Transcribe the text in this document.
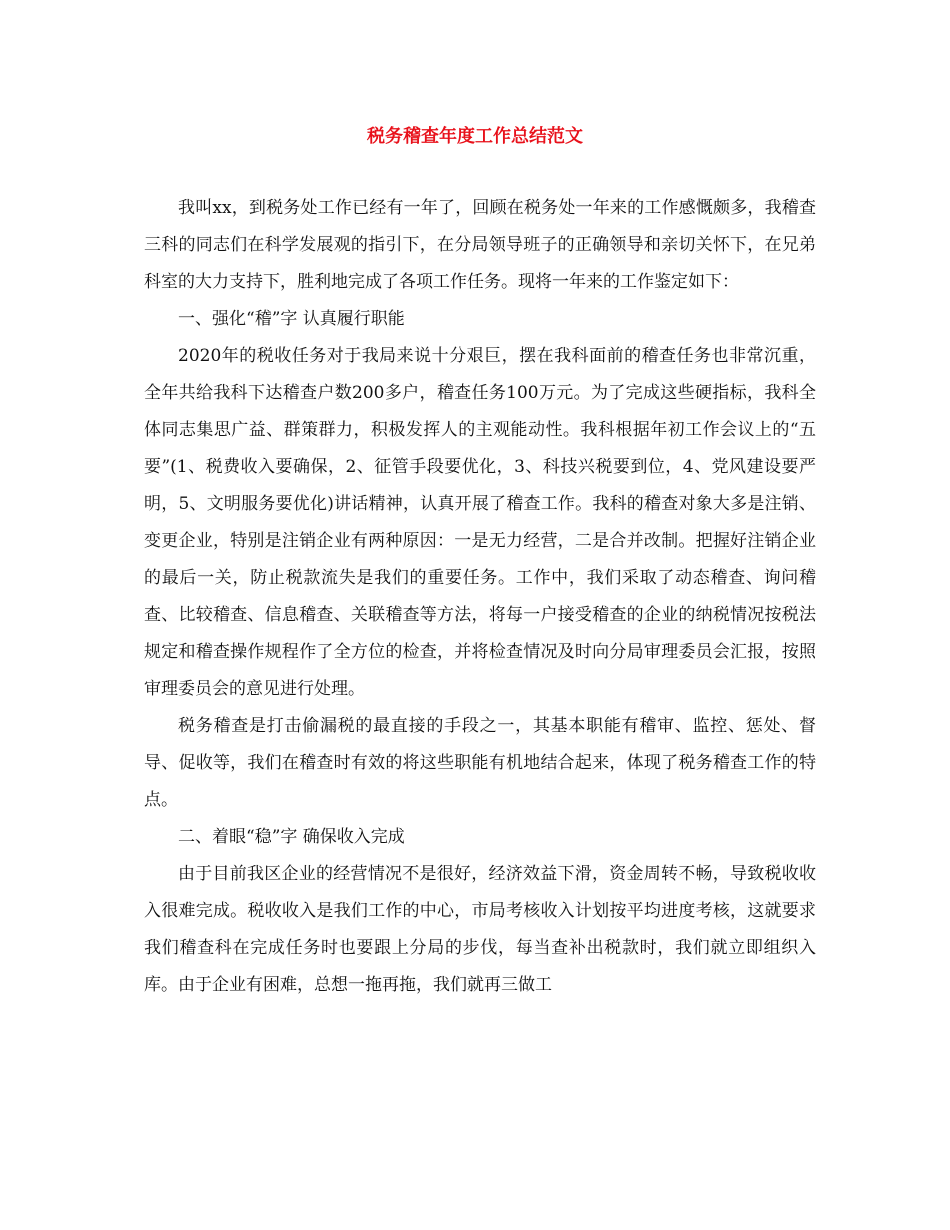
税务稽查年度工作总结范文

我叫xx，到税务处工作已经有一年了，回顾在税务处一年来的工作感慨颇多，我稽查三科的同志们在科学发展观的指引下，在分局领导班子的正确领导和亲切关怀下，在兄弟科室的大力支持下，胜利地完成了各项工作任务。现将一年来的工作鉴定如下：

一、强化“稽”字 认真履行职能

2020年的税收任务对于我局来说十分艰巨，摆在我科面前的稽查任务也非常沉重，全年共给我科下达稽查户数200多户，稽查任务100万元。为了完成这些硬指标，我科全体同志集思广益、群策群力，积极发挥人的主观能动性。我科根据年初工作会议上的“五要”(1、税费收入要确保，2、征管手段要优化，3、科技兴税要到位，4、党风建设要严明，5、文明服务要优化)讲话精神，认真开展了稽查工作。我科的稽查对象大多是注销、变更企业，特别是注销企业有两种原因：一是无力经营，二是合并改制。把握好注销企业的最后一关，防止税款流失是我们的重要任务。工作中，我们采取了动态稽查、询问稽查、比较稽查、信息稽查、关联稽查等方法，将每一户接受稽查的企业的纳税情况按税法规定和稽查操作规程作了全方位的检查，并将检查情况及时向分局审理委员会汇报，按照审理委员会的意见进行处理。

税务稽查是打击偷漏税的最直接的手段之一，其基本职能有稽审、监控、惩处、督导、促收等，我们在稽查时有效的将这些职能有机地结合起来，体现了税务稽查工作的特点。

二、着眼“稳”字 确保收入完成

由于目前我区企业的经营情况不是很好，经济效益下滑，资金周转不畅，导致税收收入很难完成。税收收入是我们工作的中心，市局考核收入计划按平均进度考核，这就要求我们稽查科在完成任务时也要跟上分局的步伐，每当查补出税款时，我们就立即组织入库。由于企业有困难，总想一拖再拖，我们就再三做工
